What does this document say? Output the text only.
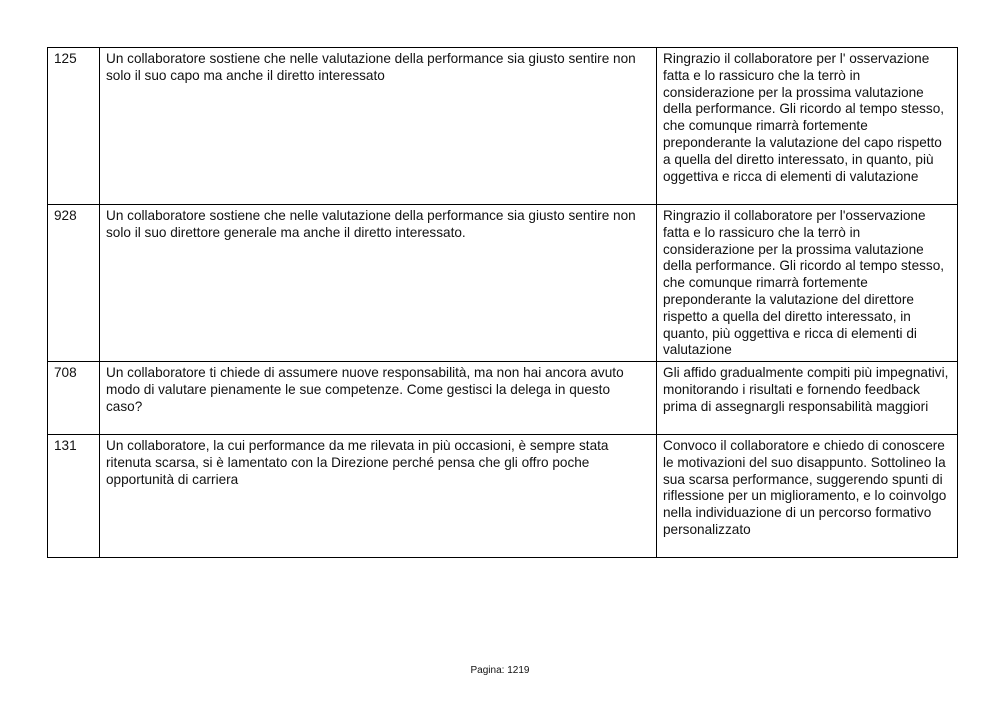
125	Un collaboratore sostiene che nelle valutazione della performance sia giusto sentire non solo il suo capo ma anche il diretto interessato	Ringrazio il collaboratore per l' osservazione fatta e lo rassicuro che la terrò in considerazione per la prossima valutazione della performance. Gli ricordo al tempo stesso, che comunque rimarrà fortemente preponderante la valutazione del capo rispetto a quella del diretto interessato, in quanto, più oggettiva e ricca di elementi di valutazione
928	Un collaboratore sostiene che nelle valutazione della performance sia giusto sentire non solo il suo direttore generale ma anche il diretto interessato.	Ringrazio il collaboratore per l'osservazione fatta e lo rassicuro che la terrò in considerazione per la prossima valutazione della performance. Gli ricordo al tempo stesso, che comunque rimarrà fortemente preponderante la valutazione del direttore rispetto a quella del diretto interessato, in quanto, più oggettiva e ricca di elementi di valutazione
708	Un collaboratore ti chiede di assumere nuove responsabilità, ma non hai ancora avuto modo di valutare pienamente le sue competenze. Come gestisci la delega in questo caso?	Gli affido gradualmente compiti più impegnativi, monitorando i risultati e fornendo feedback prima di assegnargli responsabilità maggiori
131	Un collaboratore, la cui performance da me rilevata in più occasioni, è sempre stata ritenuta scarsa, si è lamentato con la Direzione perché pensa che gli offro poche opportunità di carriera	Convoco il collaboratore e chiedo di conoscere le motivazioni del suo disappunto. Sottolineo la sua scarsa performance, suggerendo spunti di riflessione per un miglioramento, e lo coinvolgo nella individuazione di un percorso formativo personalizzato
Pagina: 1219
